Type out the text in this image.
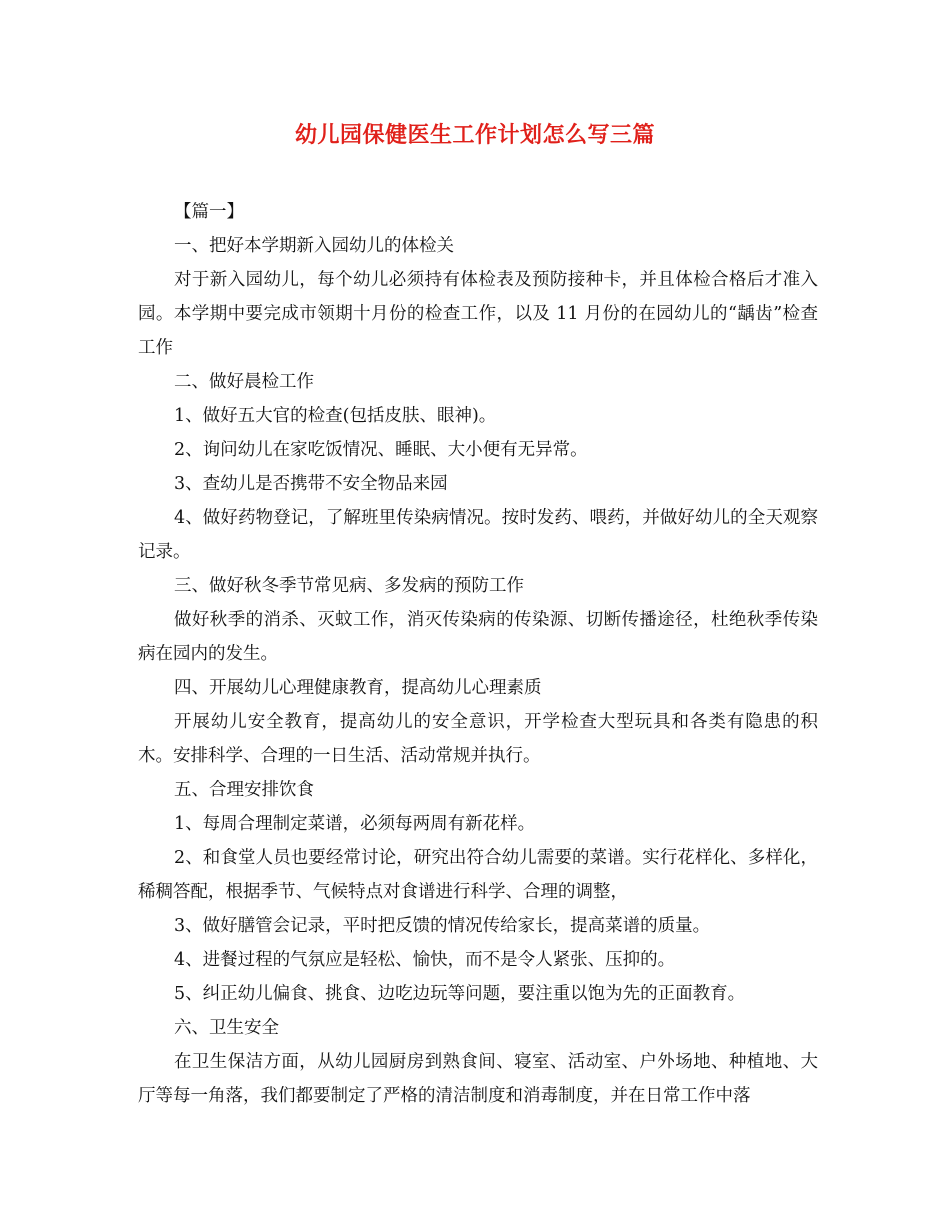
幼儿园保健医生工作计划怎么写三篇

【篇一】

一、把好本学期新入园幼儿的体检关

对于新入园幼儿，每个幼儿必须持有体检表及预防接种卡，并且体检合格后才准入园。本学期中要完成市领期十月份的检查工作，以及 11 月份的在园幼儿的“龋齿”检查工作

二、做好晨检工作

1、做好五大官的检查(包括皮肤、眼神)。

2、询问幼儿在家吃饭情况、睡眠、大小便有无异常。

3、查幼儿是否携带不安全物品来园

4、做好药物登记，了解班里传染病情况。按时发药、喂药，并做好幼儿的全天观察记录。

三、做好秋冬季节常见病、多发病的预防工作

做好秋季的消杀、灭蚊工作，消灭传染病的传染源、切断传播途径，杜绝秋季传染病在园内的发生。

四、开展幼儿心理健康教育，提高幼儿心理素质

开展幼儿安全教育，提高幼儿的安全意识，开学检查大型玩具和各类有隐患的积木。安排科学、合理的一日生活、活动常规并执行。

五、合理安排饮食

1、每周合理制定菜谱，必须每两周有新花样。

2、和食堂人员也要经常讨论，研究出符合幼儿需要的菜谱。实行花样化、多样化，稀稠答配，根据季节、气候特点对食谱进行科学、合理的调整，

3、做好膳管会记录，平时把反馈的情况传给家长，提高菜谱的质量。

4、进餐过程的气氛应是轻松、愉快，而不是令人紧张、压抑的。

5、纠正幼儿偏食、挑食、边吃边玩等问题，要注重以饱为先的正面教育。

六、卫生安全

在卫生保洁方面，从幼儿园厨房到熟食间、寝室、活动室、户外场地、种植地、大厅等每一角落，我们都要制定了严格的清洁制度和消毒制度，并在日常工作中落
